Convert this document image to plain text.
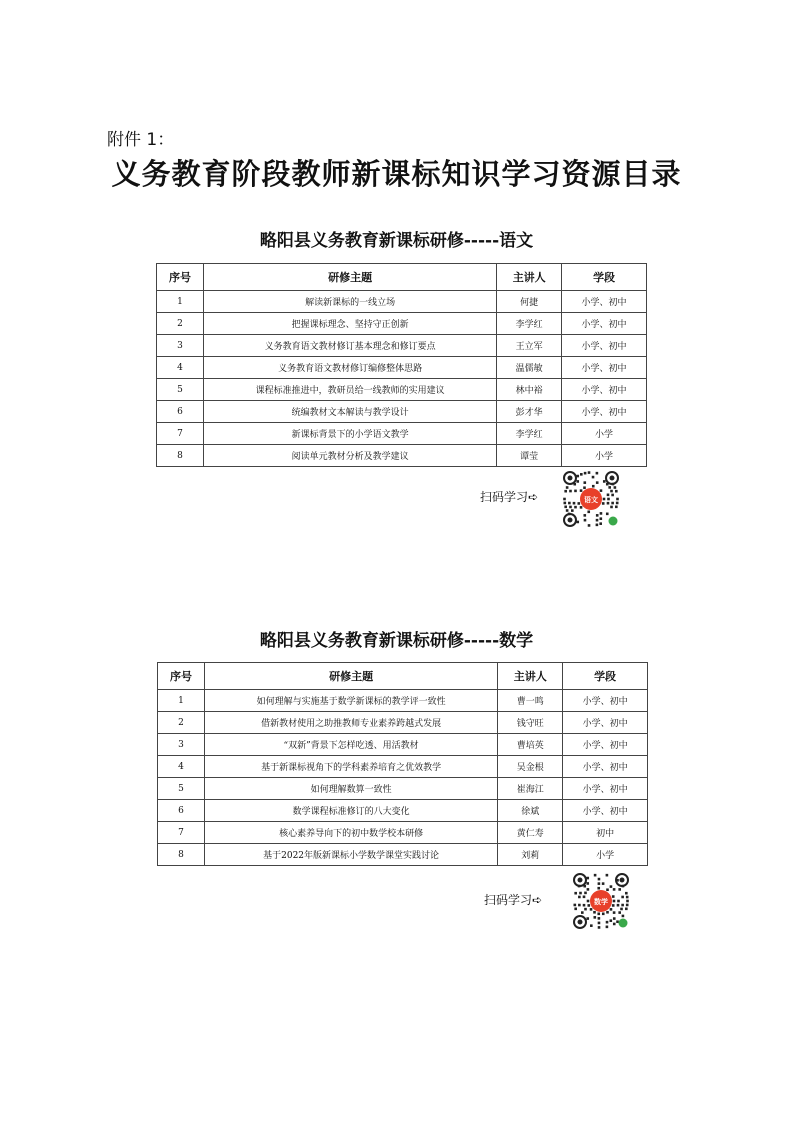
附件 1：
义务教育阶段教师新课标知识学习资源目录
略阳县义务教育新课标研修-----语文
序号	研修主题	主讲人	学段
1	解读新课标的一线立场	何捷	小学、初中
2	把握课标理念、坚持守正创新	李学红	小学、初中
3	义务教育语文教材修订基本理念和修订要点	王立军	小学、初中
4	义务教育语文教材修订编修整体思路	温儒敏	小学、初中
5	课程标准推进中，教研员给一线教师的实用建议	林中裕	小学、初中
6	统编教材文本解读与教学设计	彭才华	小学、初中
7	新课标背景下的小学语文教学	李学红	小学
8	阅读单元教材分析及教学建议	谭莹	小学
扫码学习➪	语文
略阳县义务教育新课标研修-----数学
序号	研修主题	主讲人	学段
1	如何理解与实施基于数学新课标的教学评一致性	曹一鸣	小学、初中
2	借新教材使用之助推教师专业素养跨越式发展	钱守旺	小学、初中
3	“双新”背景下怎样吃透、用活教材	曹培英	小学、初中
4	基于新课标视角下的学科素养培育之优效教学	吴金根	小学、初中
5	如何理解数算一致性	崔海江	小学、初中
6	数学课程标准修订的八大变化	徐斌	小学、初中
7	核心素养导向下的初中数学校本研修	黄仁寿	初中
8	基于2022年版新课标小学数学课堂实践讨论	刘莉	小学
扫码学习➪	数学
